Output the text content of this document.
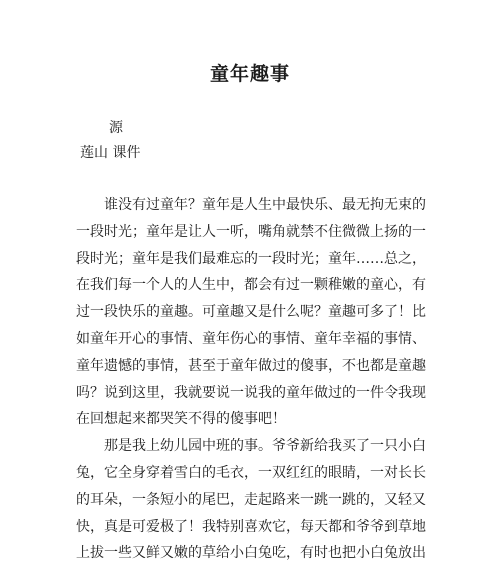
童年趣事
源
莲山 课件

谁没有过童年？童年是人生中最快乐、最无拘无束的一段时光；童年是让人一听，嘴角就禁不住微微上扬的一段时光；童年是我们最难忘的一段时光；童年……总之，在我们每一个人的人生中，都会有过一颗稚嫩的童心，有过一段快乐的童趣。可童趣又是什么呢？童趣可多了！比如童年开心的事情、童年伤心的事情、童年幸福的事情、童年遗憾的事情，甚至于童年做过的傻事，不也都是童趣吗？说到这里，我就要说一说我的童年做过的一件令我现在回想起来都哭笑不得的傻事吧！

那是我上幼儿园中班的事。爷爷新给我买了一只小白兔，它全身穿着雪白的毛衣，一双红红的眼睛，一对长长的耳朵，一条短小的尾巴，走起路来一跳一跳的，又轻又快，真是可爱极了！我特别喜欢它，每天都和爷爷到草地上拔一些又鲜又嫩的草给小白兔吃，有时也把小白兔放出
